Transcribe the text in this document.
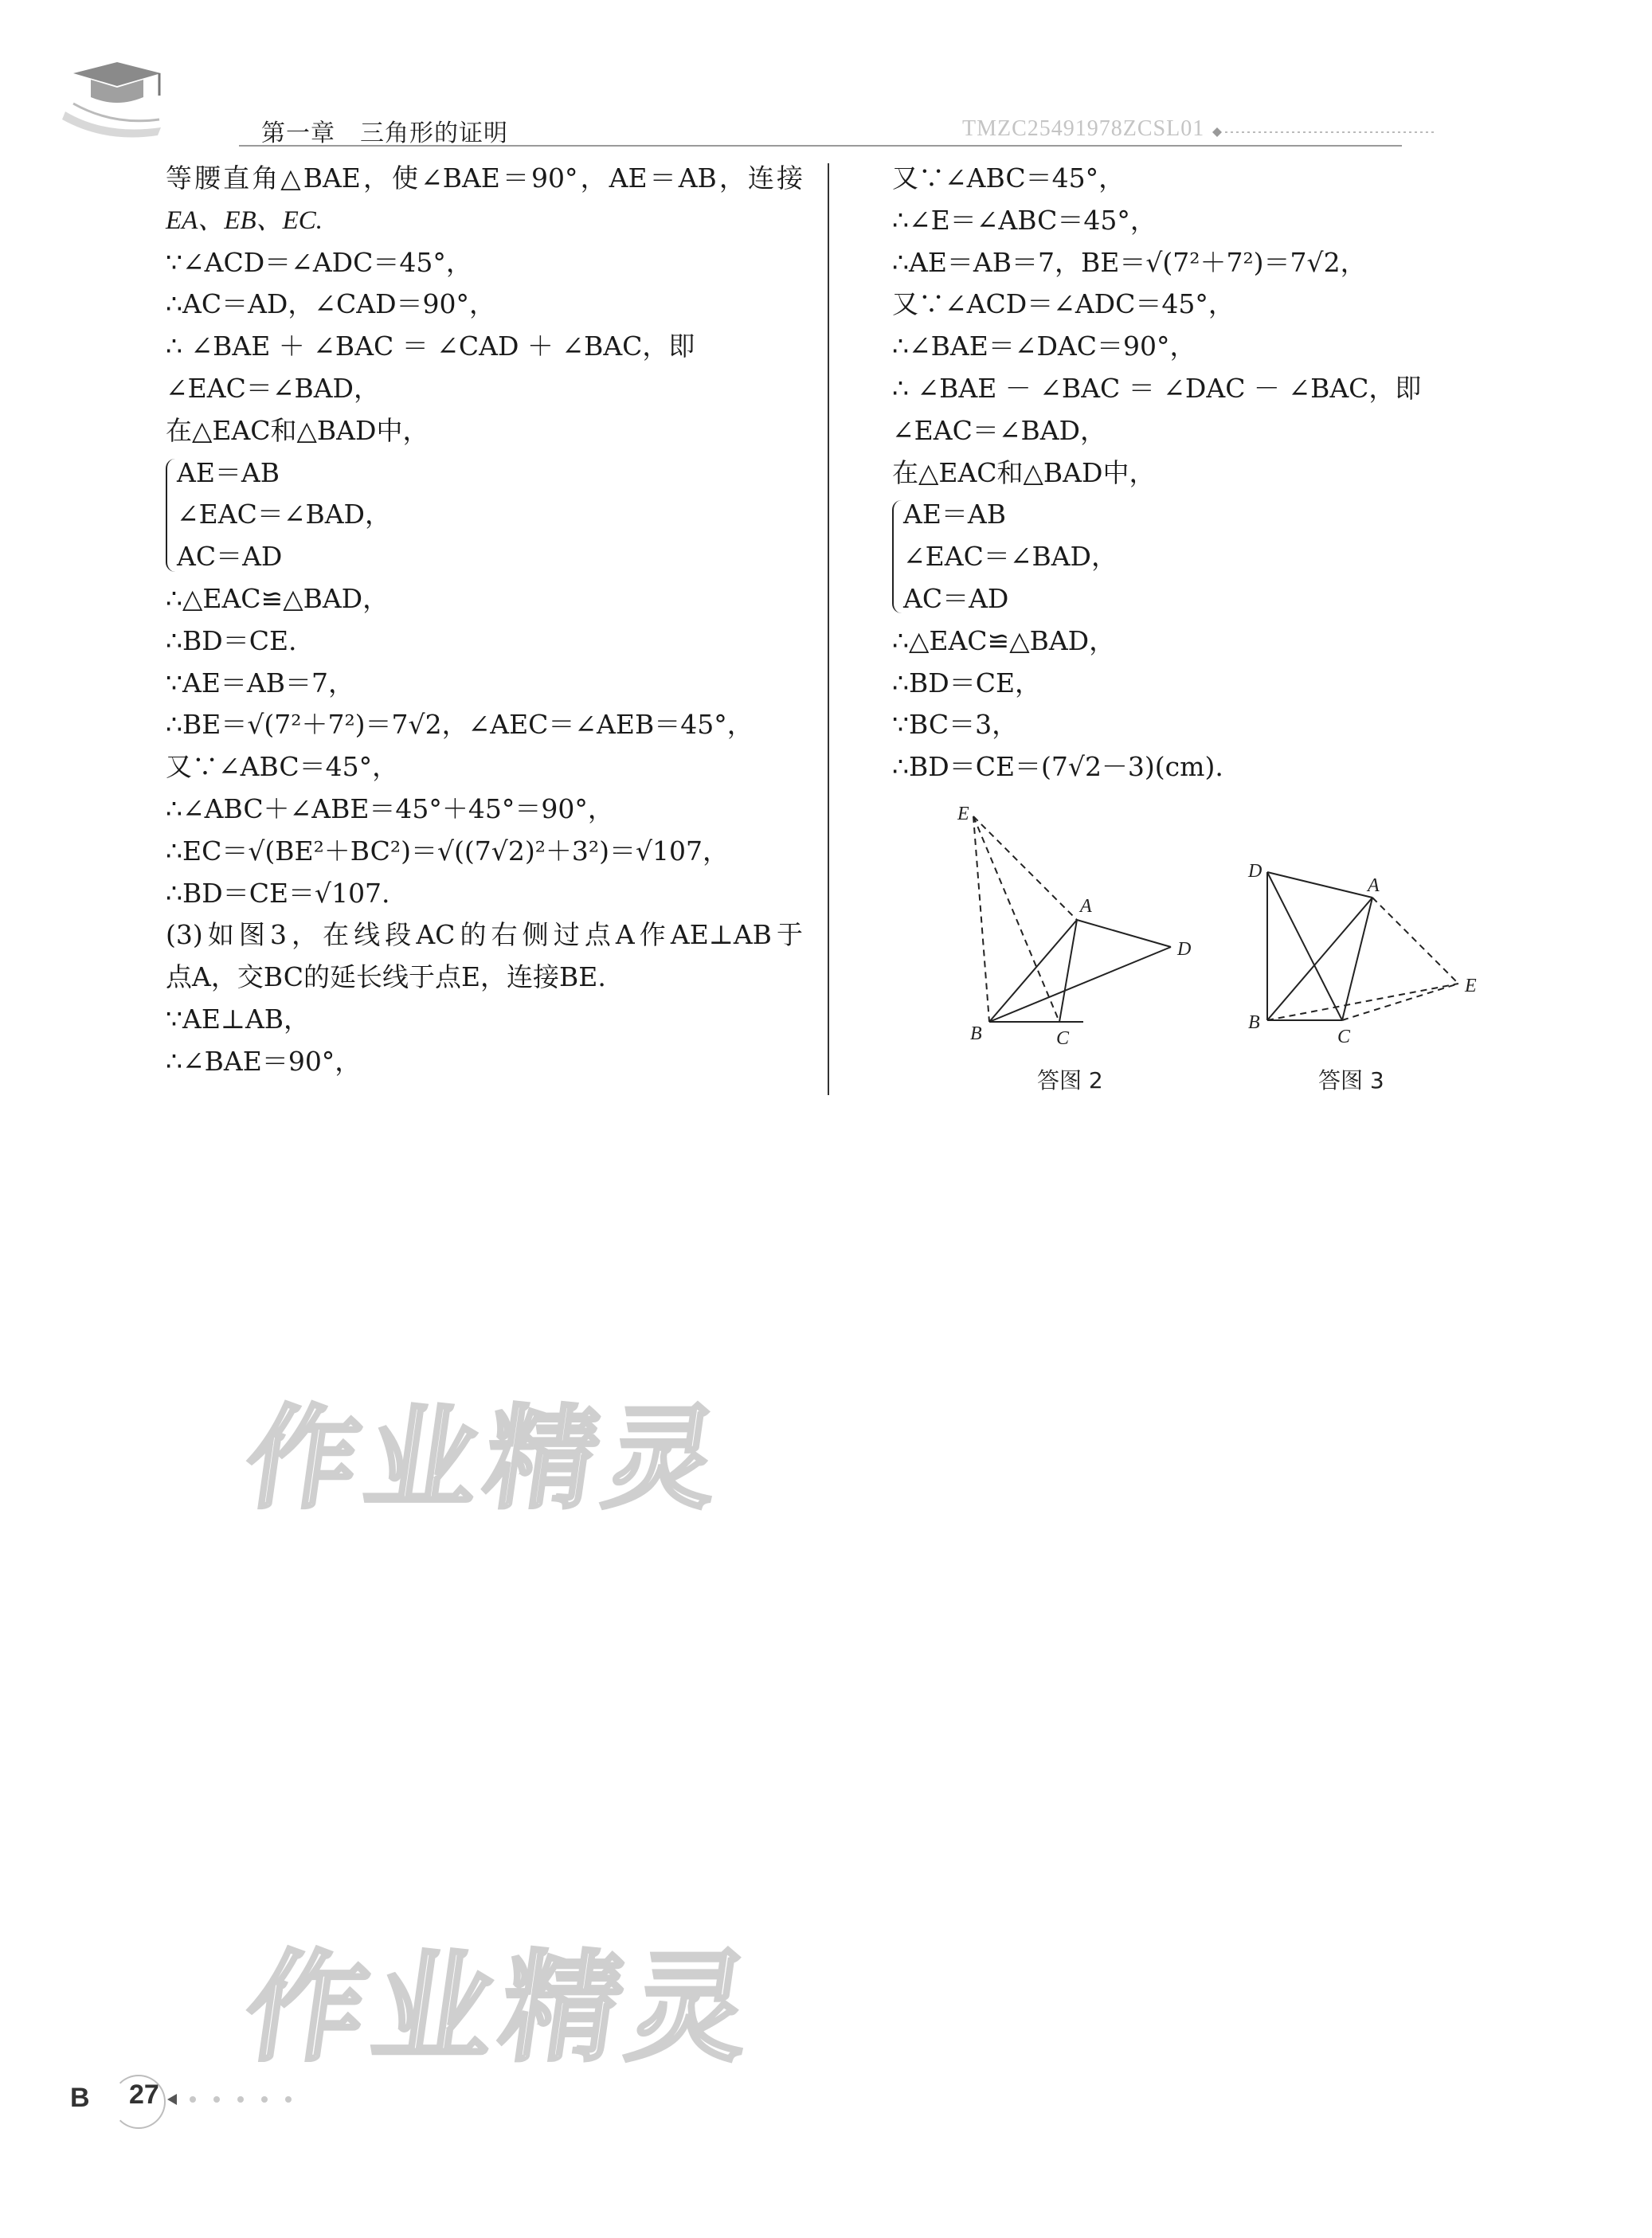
第一章　三角形的证明	TMZC25491978ZCSL01
等腰直角△BAE，使∠BAE＝90°，AE＝AB，连接
EA、EB、EC.
∵∠ACD＝∠ADC＝45°，
∴AC＝AD，∠CAD＝90°，
∴ ∠BAE ＋ ∠BAC ＝ ∠CAD ＋ ∠BAC，即
∠EAC＝∠BAD，
在△EAC和△BAD中，
AE＝AB
∠EAC＝∠BAD，
AC＝AD
∴△EAC≌△BAD，
∴BD＝CE.
∵AE＝AB＝7，
∴BE＝√(7²＋7²)＝7√2，∠AEC＝∠AEB＝45°，
又∵∠ABC＝45°，
∴∠ABC＋∠ABE＝45°＋45°＝90°，
∴EC＝√(BE²＋BC²)＝√((7√2)²＋3²)＝√107，
∴BD＝CE＝√107.
(3)如图3，在线段AC的右侧过点A作AE⊥AB于
点A，交BC的延长线于点E，连接BE.
∵AE⊥AB，
∴∠BAE＝90°，
又∵∠ABC＝45°，
∴∠E＝∠ABC＝45°，
∴AE＝AB＝7，BE＝√(7²＋7²)＝7√2，
又∵∠ACD＝∠ADC＝45°，
∴∠BAE＝∠DAC＝90°，
∴ ∠BAE － ∠BAC ＝ ∠DAC － ∠BAC，即
∠EAC＝∠BAD，
在△EAC和△BAD中，
AE＝AB
∠EAC＝∠BAD，
AC＝AD
∴△EAC≌△BAD，
∴BD＝CE，
∵BC＝3，
∴BD＝CE＝(7√2－3)(cm).
E
A
D
B	C
答图 2
D
A
E
B
C
答图 3
作业精灵
作业精灵
B 27
